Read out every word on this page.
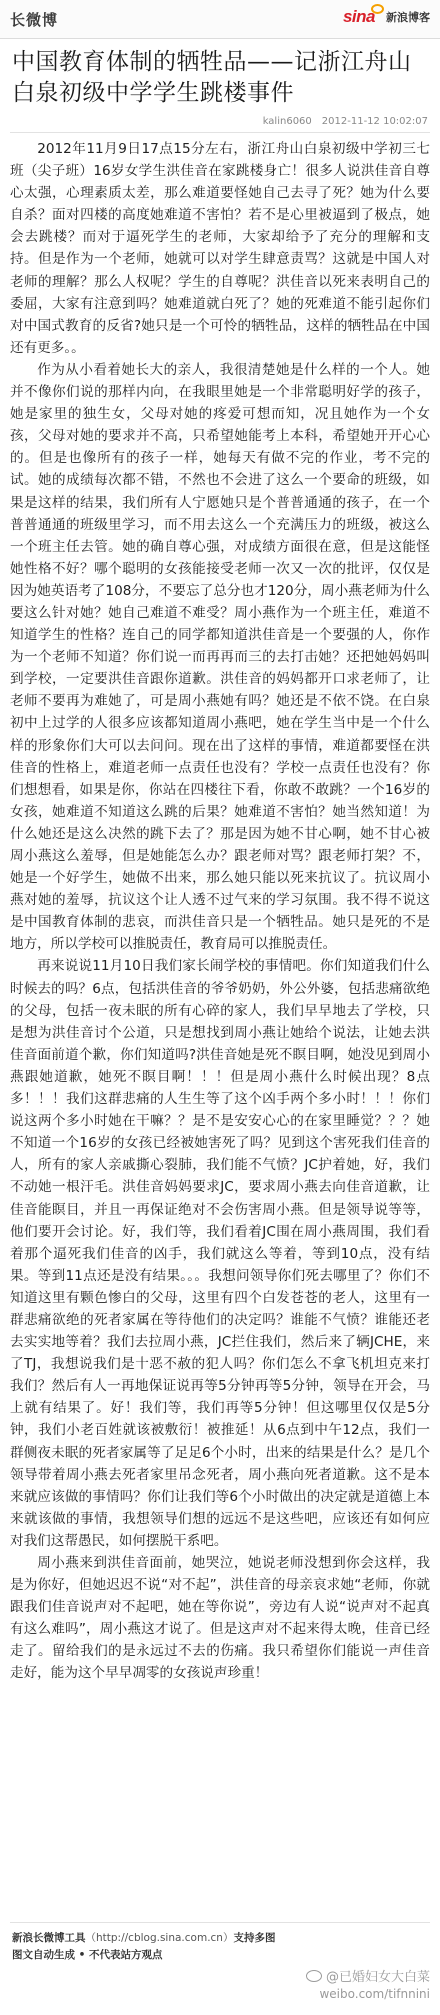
长微博	sina 新浪博客
中国教育体制的牺牲品——记浙江舟山白泉初级中学学生跳楼事件
kalin6060 2012-11-12 10:02:07

2012年11月9日17点15分左右，浙江舟山白泉初级中学初三七班（尖子班）16岁女学生洪佳音在家跳楼身亡！很多人说洪佳音自尊心太强，心理素质太差，那么难道要怪她自己去寻了死？她为什么要自杀？面对四楼的高度她难道不害怕？若不是心里被逼到了极点，她会去跳楼？而对于逼死学生的老师，大家却给予了充分的理解和支持。但是作为一个老师，她就可以对学生肆意责骂？这就是中国人对老师的理解？那么人权呢？学生的自尊呢？洪佳音以死来表明自己的委屈，大家有注意到吗？她难道就白死了？她的死难道不能引起你们对中国式教育的反省?她只是一个可怜的牺牲品，这样的牺牲品在中国还有更多。。

作为从小看着她长大的亲人，我很清楚她是什么样的一个人。她并不像你们说的那样内向，在我眼里她是一个非常聪明好学的孩子，她是家里的独生女，父母对她的疼爱可想而知，况且她作为一个女孩，父母对她的要求并不高，只希望她能考上本科，希望她开开心心的。但是也像所有的孩子一样，她每天有做不完的作业，考不完的试。她的成绩每次都不错，不然也不会进了这么一个要命的班级，如果是这样的结果，我们所有人宁愿她只是个普普通通的孩子，在一个普普通通的班级里学习，而不用去这么一个充满压力的班级，被这么一个班主任去管。她的确自尊心强，对成绩方面很在意，但是这能怪她性格不好？哪个聪明的女孩能接受老师一次又一次的批评，仅仅是因为她英语考了108分，不要忘了总分也才120分，周小燕老师为什么要这么针对她？她自己难道不难受？周小燕作为一个班主任，难道不知道学生的性格？连自己的同学都知道洪佳音是一个要强的人，你作为一个老师不知道？你们说一而再再而三的去打击她？还把她妈妈叫到学校，一定要洪佳音跟你道歉。洪佳音的妈妈都开口求老师了，让老师不要再为难她了，可是周小燕她有吗？她还是不依不饶。在白泉初中上过学的人很多应该都知道周小燕吧，她在学生当中是一个什么样的形象你们大可以去问问。现在出了这样的事情，难道都要怪在洪佳音的性格上，难道老师一点责任也没有？学校一点责任也没有？你们想想看，如果是你，你站在四楼往下看，你敢不敢跳？一个16岁的女孩，她难道不知道这么跳的后果？她难道不害怕？她当然知道！为什么她还是这么决然的跳下去了？那是因为她不甘心啊，她不甘心被周小燕这么羞辱，但是她能怎么办？跟老师对骂？跟老师打架？不，她是一个好学生，她做不出来，那么她只能以死来抗议了。抗议周小燕对她的羞辱，抗议这个让人透不过气来的学习氛围。我不得不说这是中国教育体制的悲哀，而洪佳音只是一个牺牲品。她只是死的不是地方，所以学校可以推脱责任，教育局可以推脱责任。

再来说说11月10日我们家长闹学校的事情吧。你们知道我们什么时候去的吗？6点，包括洪佳音的爷爷奶奶，外公外婆，包括悲痛欲绝的父母，包括一夜未眠的所有心碎的家人，我们早早地去了学校，只是想为洪佳音讨个公道，只是想找到周小燕让她给个说法，让她去洪佳音面前道个歉，你们知道吗?洪佳音她是死不瞑目啊，她没见到周小燕跟她道歉，她死不瞑目啊！！！但是周小燕什么时候出现？8点多！！！我们这群悲痛的人生生等了这个凶手两个多小时！！！你们说这两个多小时她在干嘛？？是不是安安心心的在家里睡觉？？？她不知道一个16岁的女孩已经被她害死了吗？见到这个害死我们佳音的人，所有的家人亲戚撕心裂肺，我们能不气愤？JC护着她，好，我们不动她一根汗毛。洪佳音妈妈要求JC，要求周小燕去向佳音道歉，让佳音能瞑目，并且一再保证绝对不会伤害周小燕。但是领导说等等，他们要开会讨论。好，我们等，我们看着JC围在周小燕周围，我们看着那个逼死我们佳音的凶手，我们就这么等着，等到10点，没有结果。等到11点还是没有结果。。。我想问领导你们死去哪里了？你们不知道这里有颗色惨白的父母，这里有四个白发苍苍的老人，这里有一群悲痛欲绝的死者家属在等待他们的决定吗？谁能不气愤？谁能还老去实实地等着？我们去拉周小燕，JC拦住我们，然后来了辆JCHE，来了TJ，我想说我们是十恶不赦的犯人吗？你们怎么不拿飞机坦克来打我们？然后有人一再地保证说再等5分钟再等5分钟，领导在开会，马上就有结果了。好！我们等，我们再等5分钟！但这哪里仅仅是5分钟，我们小老百姓就该被敷衍！被推延！从6点到中午12点，我们一群侧夜未眠的死者家属等了足足6个小时，出来的结果是什么？是几个领导带着周小燕去死者家里吊念死者，周小燕向死者道歉。这不是本来就应该做的事情吗？你们让我们等6个小时做出的决定就是道德上本来就该做的事情，我想领导们想的远远不是这些吧，应该还有如何应对我们这帮愚民，如何摆脱干系吧。

周小燕来到洪佳音面前，她哭泣，她说老师没想到你会这样，我是为你好，但她迟迟不说“对不起”，洪佳音的母亲哀求她“老师，你就跟我们佳音说声对不起吧，她在等你说”，旁边有人说“说声对不起真有这么难吗”，周小燕这才说了。但是这声对不起来得太晚，佳音已经走了。留给我们的是永远过不去的伤痛。我只希望你们能说一声佳音走好，能为这个早早凋零的女孩说声珍重！

新浪长微博工具（http://cblog.sina.com.cn）支持多图
图文自动生成 • 不代表站方观点
@已婚妇女大白菜
weibo.com/tifnnini
